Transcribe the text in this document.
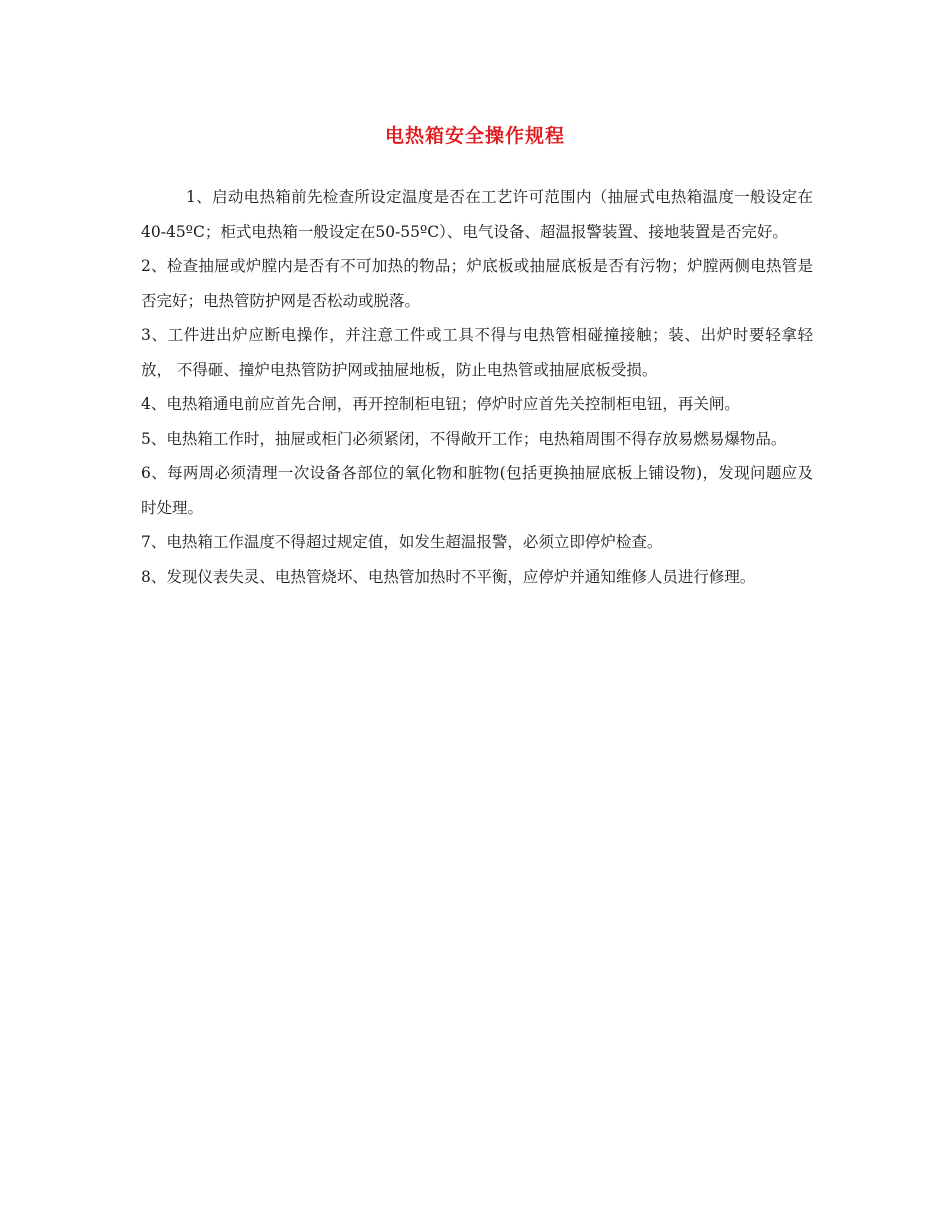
电热箱安全操作规程

1、启动电热箱前先检查所设定温度是否在工艺许可范围内（抽屉式电热箱温度一般设定在40-45ºC；柜式电热箱一般设定在50-55ºC）、电气设备、超温报警装置、接地装置是否完好。

2、检查抽屉或炉膛内是否有不可加热的物品；炉底板或抽屉底板是否有污物；炉膛两侧电热管是否完好；电热管防护网是否松动或脱落。

3、工件进出炉应断电操作，并注意工件或工具不得与电热管相碰撞接触；装、出炉时要轻拿轻放， 不得砸、撞炉电热管防护网或抽屉地板，防止电热管或抽屉底板受损。

4、电热箱通电前应首先合闸，再开控制柜电钮；停炉时应首先关控制柜电钮，再关闸。

5、电热箱工作时，抽屉或柜门必须紧闭，不得敞开工作；电热箱周围不得存放易燃易爆物品。

6、每两周必须清理一次设备各部位的氧化物和脏物(包括更换抽屉底板上铺设物)，发现问题应及时处理。

7、电热箱工作温度不得超过规定值，如发生超温报警，必须立即停炉检查。

8、发现仪表失灵、电热管烧坏、电热管加热时不平衡，应停炉并通知维修人员进行修理。
